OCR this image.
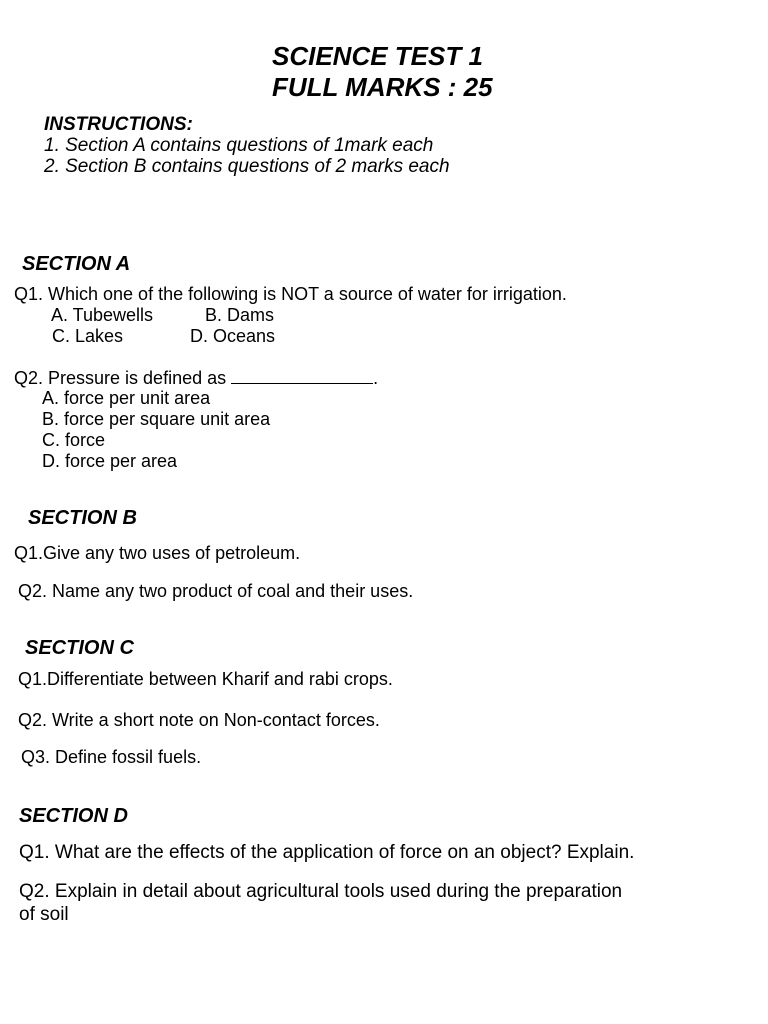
SCIENCE TEST 1
FULL MARKS : 25
INSTRUCTIONS:
1. Section A contains questions of 1mark each
2. Section B contains questions of 2 marks each
SECTION A
Q1. Which one of the following is NOT a source of water for irrigation.
A. Tubewells	B. Dams
C. Lakes	D. Oceans
Q2. Pressure is defined as	.
A. force per unit area
B. force per square unit area
C. force
D. force per area
SECTION B
Q1.Give any two uses of petroleum.
Q2. Name any two product of coal and their uses.
SECTION C
Q1.Differentiate between Kharif and rabi crops.
Q2. Write a short note on Non-contact forces.
Q3. Define fossil fuels.
SECTION D
Q1. What are the effects of the application of force on an object? Explain.
Q2. Explain in detail about agricultural tools used during the preparation
of soil
